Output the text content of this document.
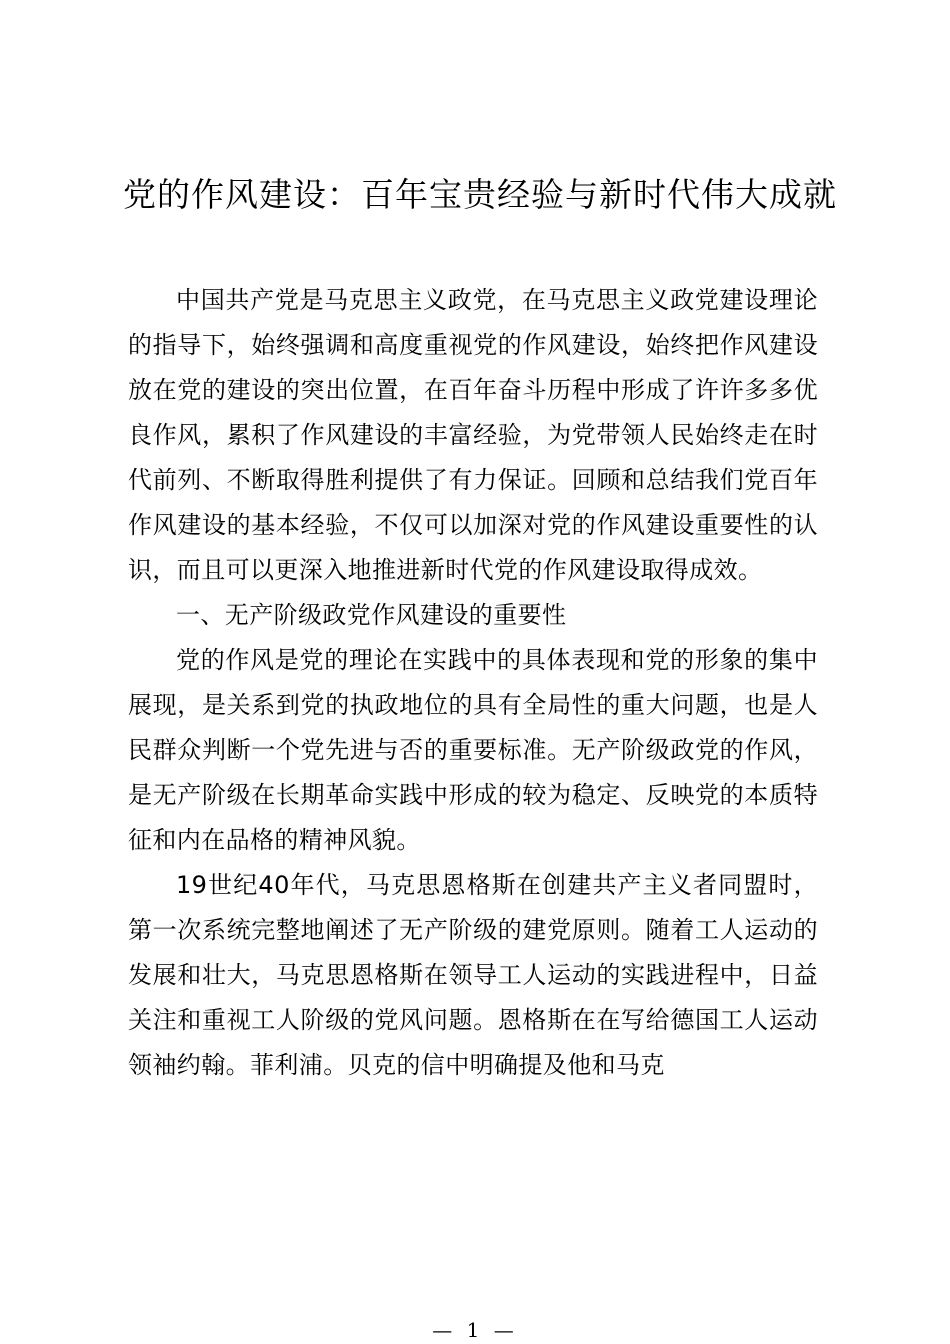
党的作风建设：百年宝贵经验与新时代伟大成就

中国共产党是马克思主义政党，在马克思主义政党建设理论的指导下，始终强调和高度重视党的作风建设，始终把作风建设放在党的建设的突出位置，在百年奋斗历程中形成了许许多多优良作风，累积了作风建设的丰富经验，为党带领人民始终走在时代前列、不断取得胜利提供了有力保证。回顾和总结我们党百年作风建设的基本经验，不仅可以加深对党的作风建设重要性的认识，而且可以更深入地推进新时代党的作风建设取得成效。

一、无产阶级政党作风建设的重要性

党的作风是党的理论在实践中的具体表现和党的形象的集中展现，是关系到党的执政地位的具有全局性的重大问题，也是人民群众判断一个党先进与否的重要标准。无产阶级政党的作风，是无产阶级在长期革命实践中形成的较为稳定、反映党的本质特征和内在品格的精神风貌。

19世纪40年代，马克思恩格斯在创建共产主义者同盟时，第一次系统完整地阐述了无产阶级的建党原则。随着工人运动的发展和壮大，马克思恩格斯在领导工人运动的实践进程中，日益关注和重视工人阶级的党风问题。恩格斯在在写给德国工人运动领袖约翰。菲利浦。贝克的信中明确提及他和马克

— 1 —
